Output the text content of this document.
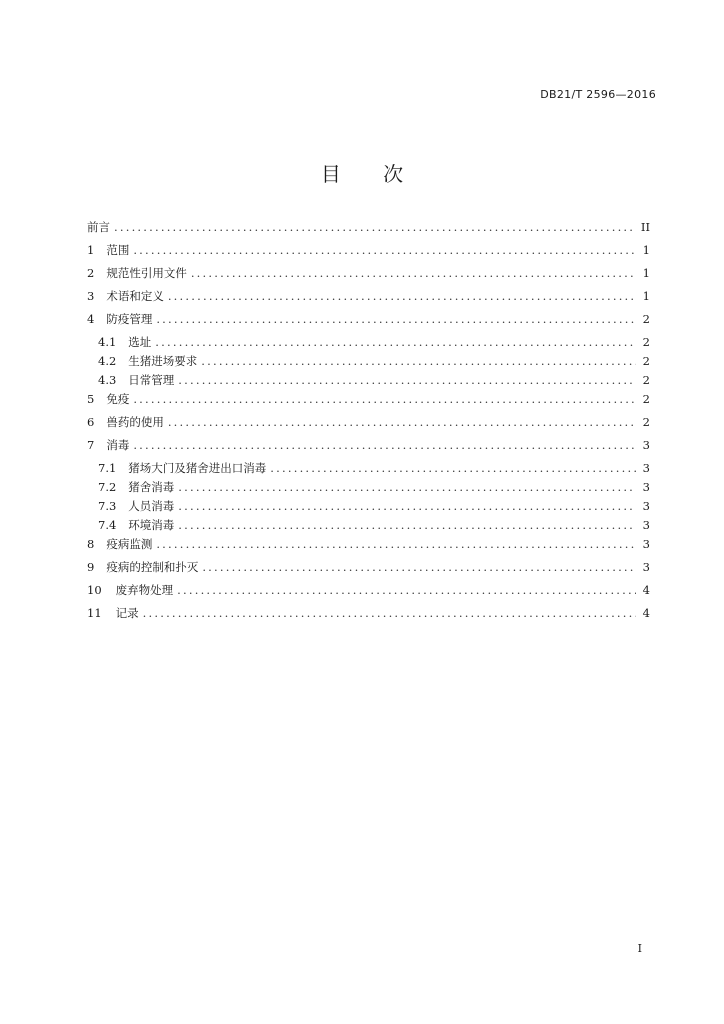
DB21/T 2596—2016
目 次
前言 .....	II
1 范围 .....	1
2 规范性引用文件 .....	1
3 术语和定义 .....	1
4 防疫管理 .....	2
4.1 选址 .....	2
4.2 生猪进场要求 .....	2
4.3 日常管理 .....	2
5 免疫 .....	2
6 兽药的使用 .....	2
7 消毒 .....	3
7.1 猪场大门及猪舍进出口消毒 .....	3
7.2 猪舍消毒 .....	3
7.3 人员消毒 .....	3
7.4 环境消毒 .....	3
8 疫病监测 .....	3
9 疫病的控制和扑灭 .....	3
10 废弃物处理 .....	4
11 记录 .....	4
I
